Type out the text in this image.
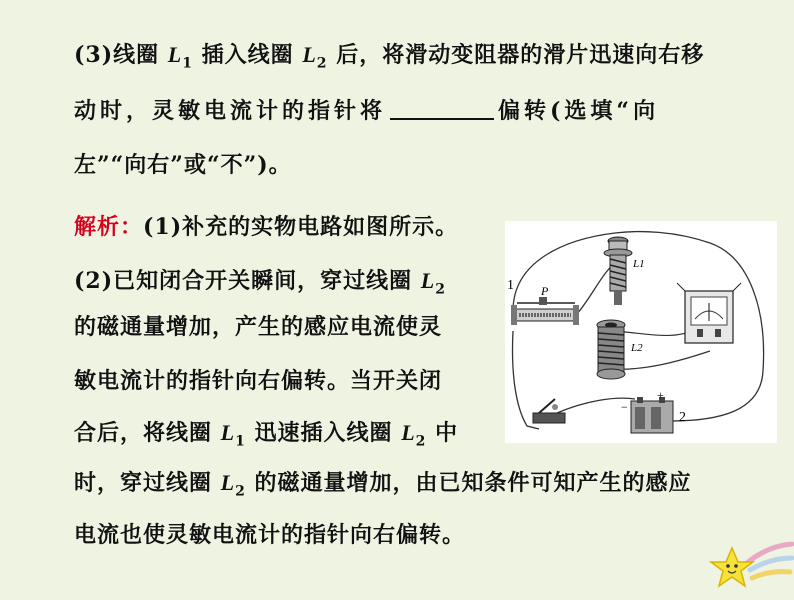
(3)线圈 $L_1$ 插入线圈 $L_2$ 后，将滑动变阻器的滑片迅速向右移
动时，灵敏电流计的指针将	偏转(选填“向
左”“向右”或“不”)。
解析：(1)补充的实物电路如图所示。
(2)已知闭合开关瞬间，穿过线圈 $L_2$
的磁通量增加，产生的感应电流使灵
敏电流计的指针向右偏转。当开关闭
合后，将线圈 $L_1$ 迅速插入线圈 $L_2$ 中
时，穿过线圈 $L_2$ 的磁通量增加，由已知条件可知产生的感应
电流也使灵敏电流计的指针向右偏转。
1 P
L1
L2
+
−
2
